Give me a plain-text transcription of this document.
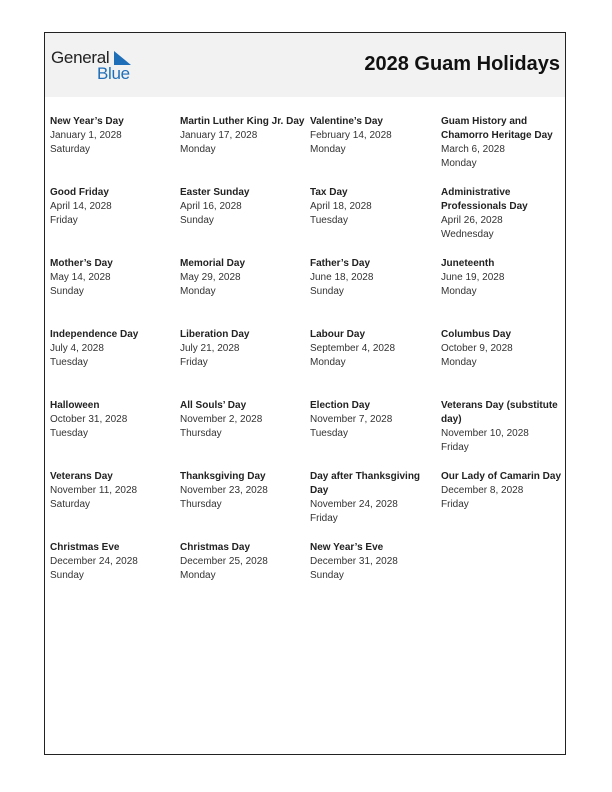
General
Blue	2028 Guam Holidays
New Year’s Day
January 1, 2028
Saturday
Martin Luther King Jr. Day
January 17, 2028
Monday
Valentine’s Day
February 14, 2028
Monday
Guam History and Chamorro Heritage Day
March 6, 2028
Monday
Good Friday
April 14, 2028
Friday
Easter Sunday
April 16, 2028
Sunday
Tax Day
April 18, 2028
Tuesday
Administrative Professionals Day
April 26, 2028
Wednesday
Mother’s Day
May 14, 2028
Sunday
Memorial Day
May 29, 2028
Monday
Father’s Day
June 18, 2028
Sunday
Juneteenth
June 19, 2028
Monday
Independence Day
July 4, 2028
Tuesday
Liberation Day
July 21, 2028
Friday
Labour Day
September 4, 2028
Monday
Columbus Day
October 9, 2028
Monday
Halloween
October 31, 2028
Tuesday
All Souls’ Day
November 2, 2028
Thursday
Election Day
November 7, 2028
Tuesday
Veterans Day (substitute day)
November 10, 2028
Friday
Veterans Day
November 11, 2028
Saturday
Thanksgiving Day
November 23, 2028
Thursday
Day after Thanksgiving Day
November 24, 2028
Friday
Our Lady of Camarin Day
December 8, 2028
Friday
Christmas Eve
December 24, 2028
Sunday
Christmas Day
December 25, 2028
Monday
New Year’s Eve
December 31, 2028
Sunday
